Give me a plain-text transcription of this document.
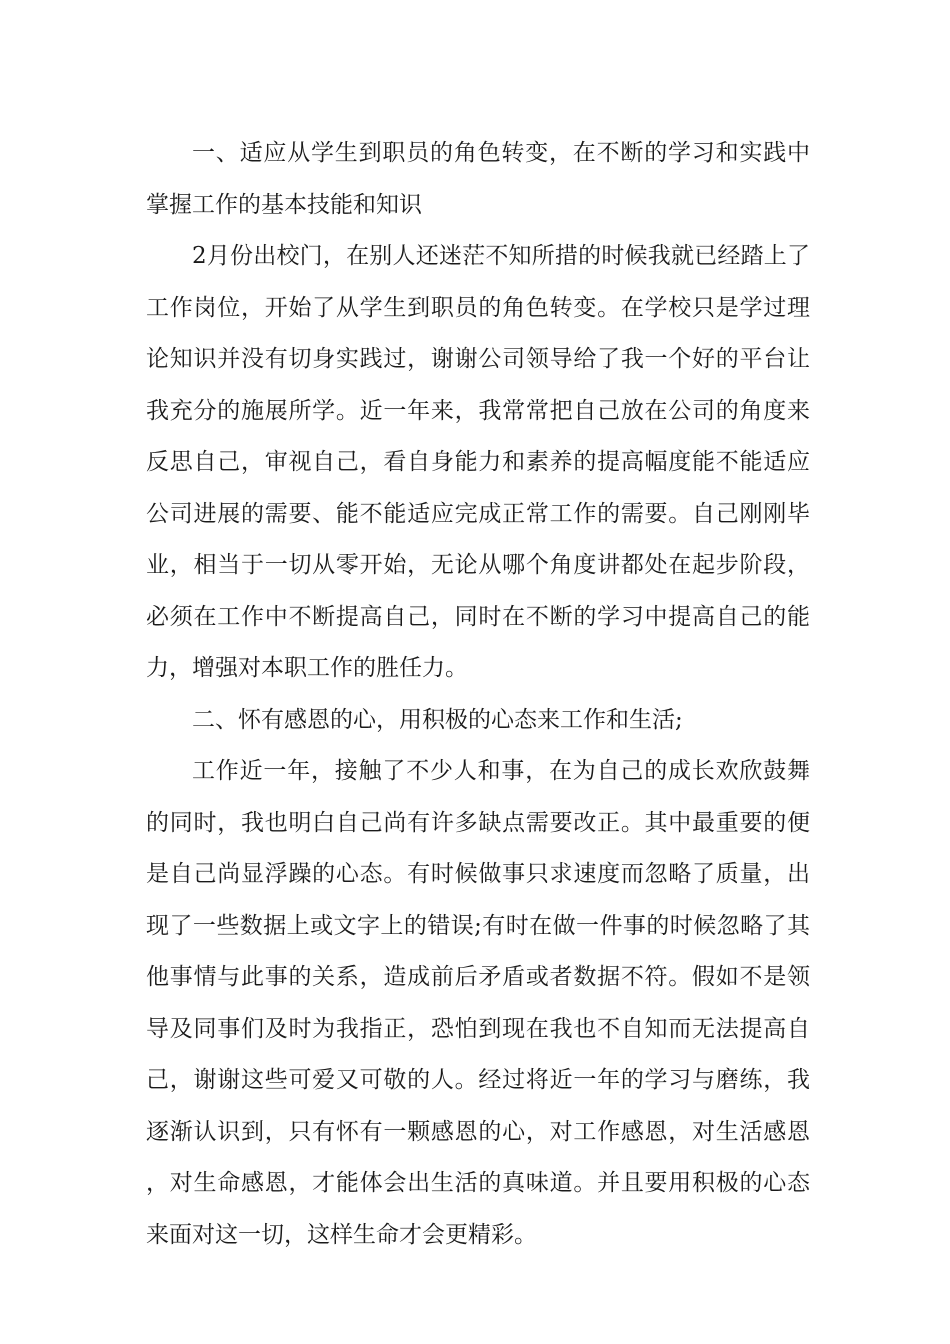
一、适应从学生到职员的角色转变，在不断的学习和实践中掌握工作的基本技能和知识

2月份出校门，在别人还迷茫不知所措的时候我就已经踏上了工作岗位，开始了从学生到职员的角色转变。在学校只是学过理论知识并没有切身实践过，谢谢公司领导给了我一个好的平台让我充分的施展所学。近一年来，我常常把自己放在公司的角度来反思自己，审视自己，看自身能力和素养的提高幅度能不能适应公司进展的需要、能不能适应完成正常工作的需要。自己刚刚毕业，相当于一切从零开始，无论从哪个角度讲都处在起步阶段，必须在工作中不断提高自己，同时在不断的学习中提高自己的能力，增强对本职工作的胜任力。

二、怀有感恩的心，用积极的心态来工作和生活;

工作近一年，接触了不少人和事，在为自己的成长欢欣鼓舞的同时，我也明白自己尚有许多缺点需要改正。其中最重要的便是自己尚显浮躁的心态。有时候做事只求速度而忽略了质量，出现了一些数据上或文字上的错误;有时在做一件事的时候忽略了其他事情与此事的关系，造成前后矛盾或者数据不符。假如不是领导及同事们及时为我指正，恐怕到现在我也不自知而无法提高自己，谢谢这些可爱又可敬的人。经过将近一年的学习与磨练，我逐渐认识到，只有怀有一颗感恩的心，对工作感恩，对生活感恩，对生命感恩，才能体会出生活的真味道。并且要用积极的心态来面对这一切，这样生命才会更精彩。
